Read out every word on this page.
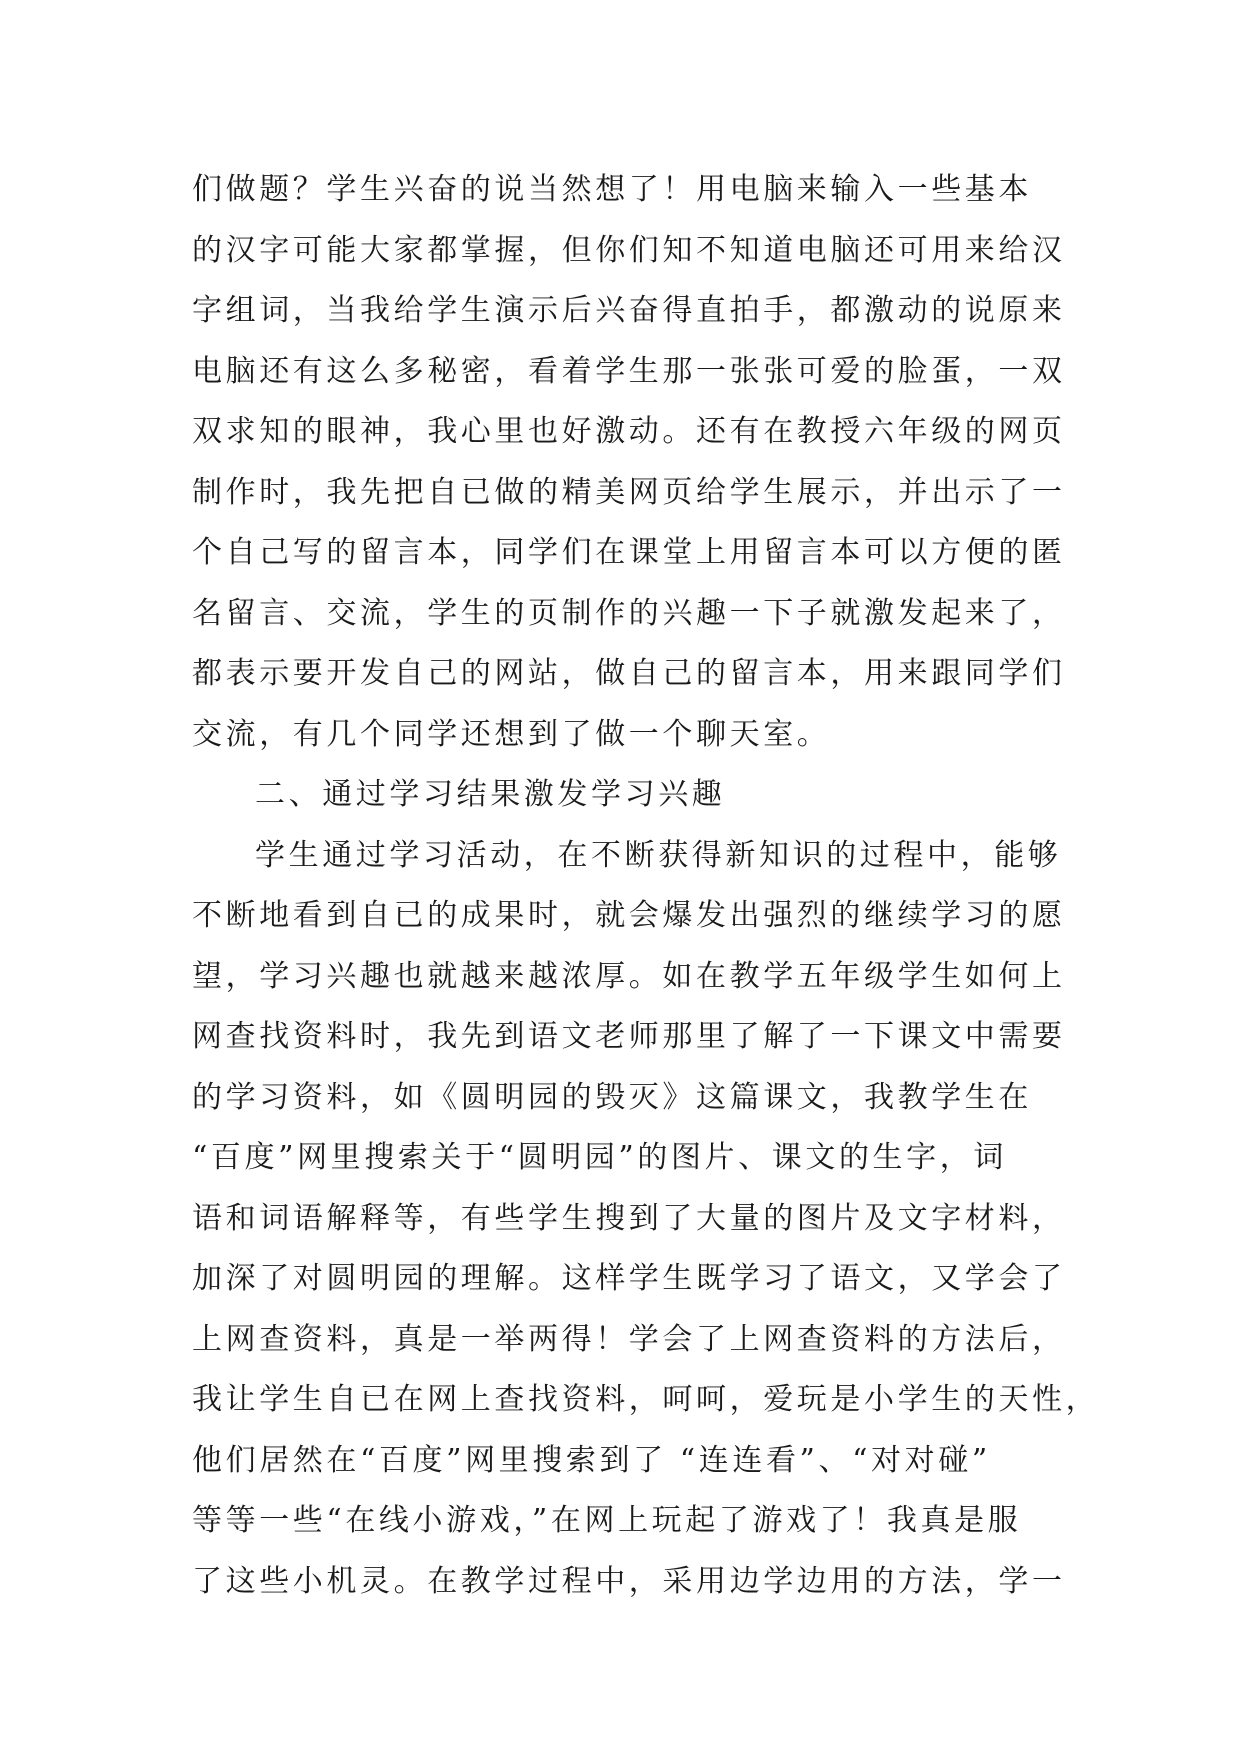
们做题？学生兴奋的说当然想了！用电脑来输入一些基本
的汉字可能大家都掌握，但你们知不知道电脑还可用来给汉
字组词，当我给学生演示后兴奋得直拍手，都激动的说原来
电脑还有这么多秘密，看着学生那一张张可爱的脸蛋，一双
双求知的眼神，我心里也好激动。还有在教授六年级的网页
制作时，我先把自已做的精美网页给学生展示，并出示了一
个自己写的留言本，同学们在课堂上用留言本可以方便的匿
名留言、交流，学生的页制作的兴趣一下子就激发起来了，
都表示要开发自己的网站，做自己的留言本，用来跟同学们
交流，有几个同学还想到了做一个聊天室。
二、通过学习结果激发学习兴趣
学生通过学习活动，在不断获得新知识的过程中，能够
不断地看到自已的成果时，就会爆发出强烈的继续学习的愿
望，学习兴趣也就越来越浓厚。如在教学五年级学生如何上
网查找资料时，我先到语文老师那里了解了一下课文中需要
的学习资料，如《圆明园的毁灭》这篇课文，我教学生在
“百度”网里搜索关于“圆明园”的图片、课文的生字，词
语和词语解释等，有些学生搜到了大量的图片及文字材料，
加深了对圆明园的理解。这样学生既学习了语文，又学会了
上网查资料，真是一举两得！学会了上网查资料的方法后，
我让学生自已在网上查找资料，呵呵，爱玩是小学生的天性，
他们居然在“百度”网里搜索到了 “连连看”、“对对碰”
等等一些“在线小游戏，”在网上玩起了游戏了！我真是服
了这些小机灵。在教学过程中，采用边学边用的方法，学一
